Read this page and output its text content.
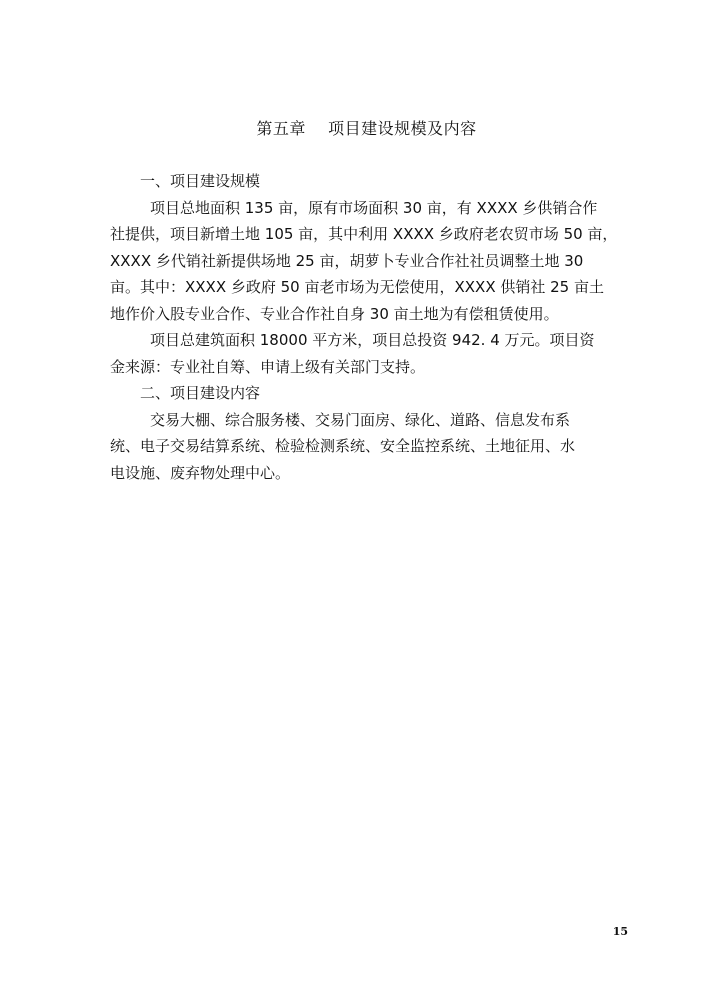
第五章    项目建设规模及内容
一、项目建设规模
项目总地面积 135 亩，原有市场面积 30 亩，有 XXXX 乡供销合作
社提供，项目新增土地 105 亩，其中利用 XXXX 乡政府老农贸市场 50 亩，
XXXX 乡代销社新提供场地 25 亩，胡萝卜专业合作社社员调整土地 30
亩。其中：XXXX 乡政府 50 亩老市场为无偿使用，XXXX 供销社 25 亩土
地作价入股专业合作、专业合作社自身 30 亩土地为有偿租赁使用。
项目总建筑面积 18000 平方米，项目总投资 942. 4 万元。项目资
金来源：专业社自筹、申请上级有关部门支持。
二、项目建设内容
交易大棚、综合服务楼、交易门面房、绿化、道路、信息发布系
统、电子交易结算系统、检验检测系统、安全监控系统、土地征用、水
电设施、废弃物处理中心。
15
